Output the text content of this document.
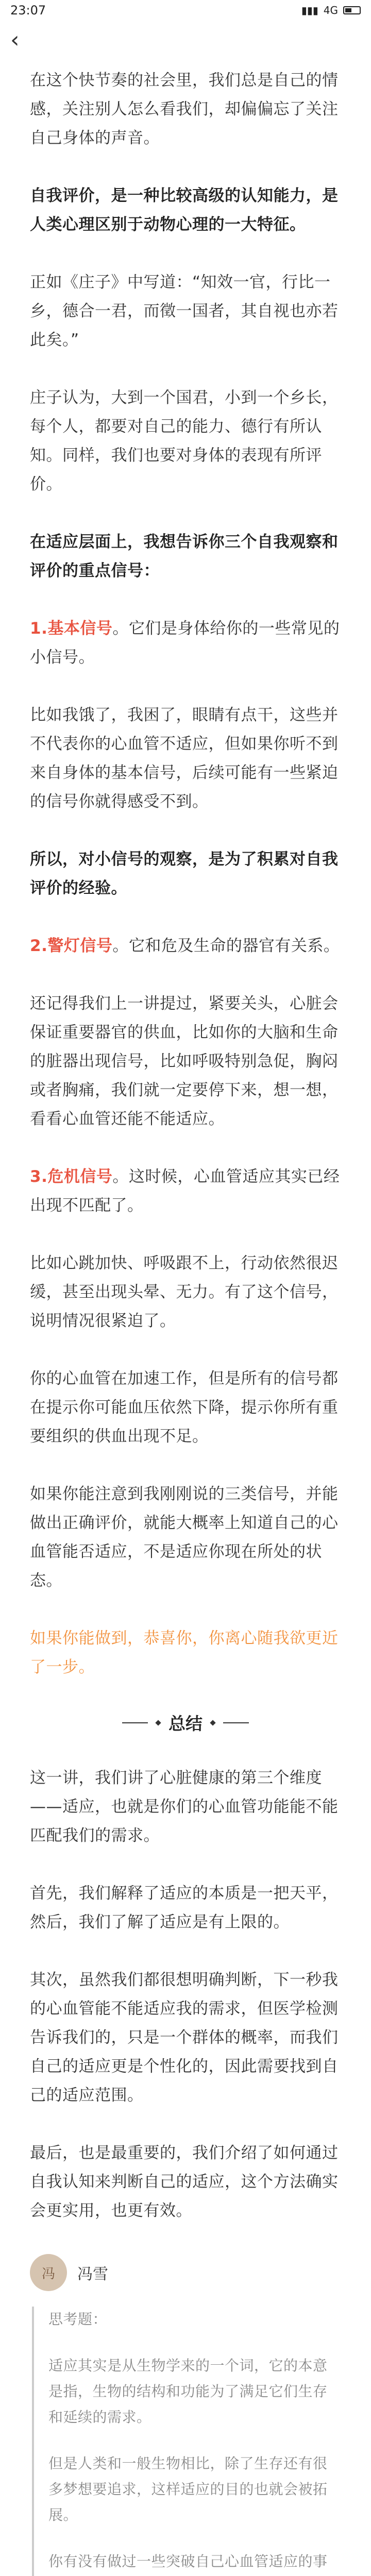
23:07	▮▮▮ 4G
‹

在这个快节奏的社会里，我们总是自己的情感，关注别人怎么看我们，却偏偏忘了关注自己身体的声音。

自我评价，是一种比较高级的认知能力，是人类心理区别于动物心理的一大特征。

正如《庄子》中写道：“知效一官，行比一乡，德合一君，而徵一国者，其自视也亦若此矣。”

庄子认为，大到一个国君，小到一个乡长，每个人，都要对自己的能力、德行有所认知。同样，我们也要对身体的表现有所评价。

在适应层面上，我想告诉你三个自我观察和评价的重点信号：

1.基本信号。它们是身体给你的一些常见的小信号。

比如我饿了，我困了，眼睛有点干，这些并不代表你的心血管不适应，但如果你听不到来自身体的基本信号，后续可能有一些紧迫的信号你就得感受不到。

所以，对小信号的观察，是为了积累对自我评价的经验。

2.警灯信号。它和危及生命的器官有关系。

还记得我们上一讲提过，紧要关头，心脏会保证重要器官的供血，比如你的大脑和生命的脏器出现信号，比如呼吸特别急促，胸闷或者胸痛，我们就一定要停下来，想一想，看看心血管还能不能适应。

3.危机信号。这时候，心血管适应其实已经出现不匹配了。

比如心跳加快、呼吸跟不上，行动依然很迟缓，甚至出现头晕、无力。有了这个信号，说明情况很紧迫了。

你的心血管在加速工作，但是所有的信号都在提示你可能血压依然下降，提示你所有重要组织的供血出现不足。

如果你能注意到我刚刚说的三类信号，并能做出正确评价，就能大概率上知道自己的心血管能否适应，不是适应你现在所处的状态。

如果你能做到，恭喜你，你离心随我欲更近了一步。

总结

这一讲，我们讲了心脏健康的第三个维度——适应，也就是你们的心血管功能能不能匹配我们的需求。

首先，我们解释了适应的本质是一把天平，然后，我们了解了适应是有上限的。

其次，虽然我们都很想明确判断，下一秒我的心血管能不能适应我的需求，但医学检测告诉我们的，只是一个群体的概率，而我们自己的适应更是个性化的，因此需要找到自己的适应范围。

最后，也是最重要的，我们介绍了如何通过自我认知来判断自己的适应，这个方法确实会更实用，也更有效。

冯	冯雪

思考题：

适应其实是从生物学来的一个词，它的本意是指，生物的结构和功能为了满足它们生存和延续的需求。

但是人类和一般生物相比，除了生存还有很多梦想要追求，这样适应的目的也就会被拓展。

你有没有做过一些突破自己心血管适应的事
